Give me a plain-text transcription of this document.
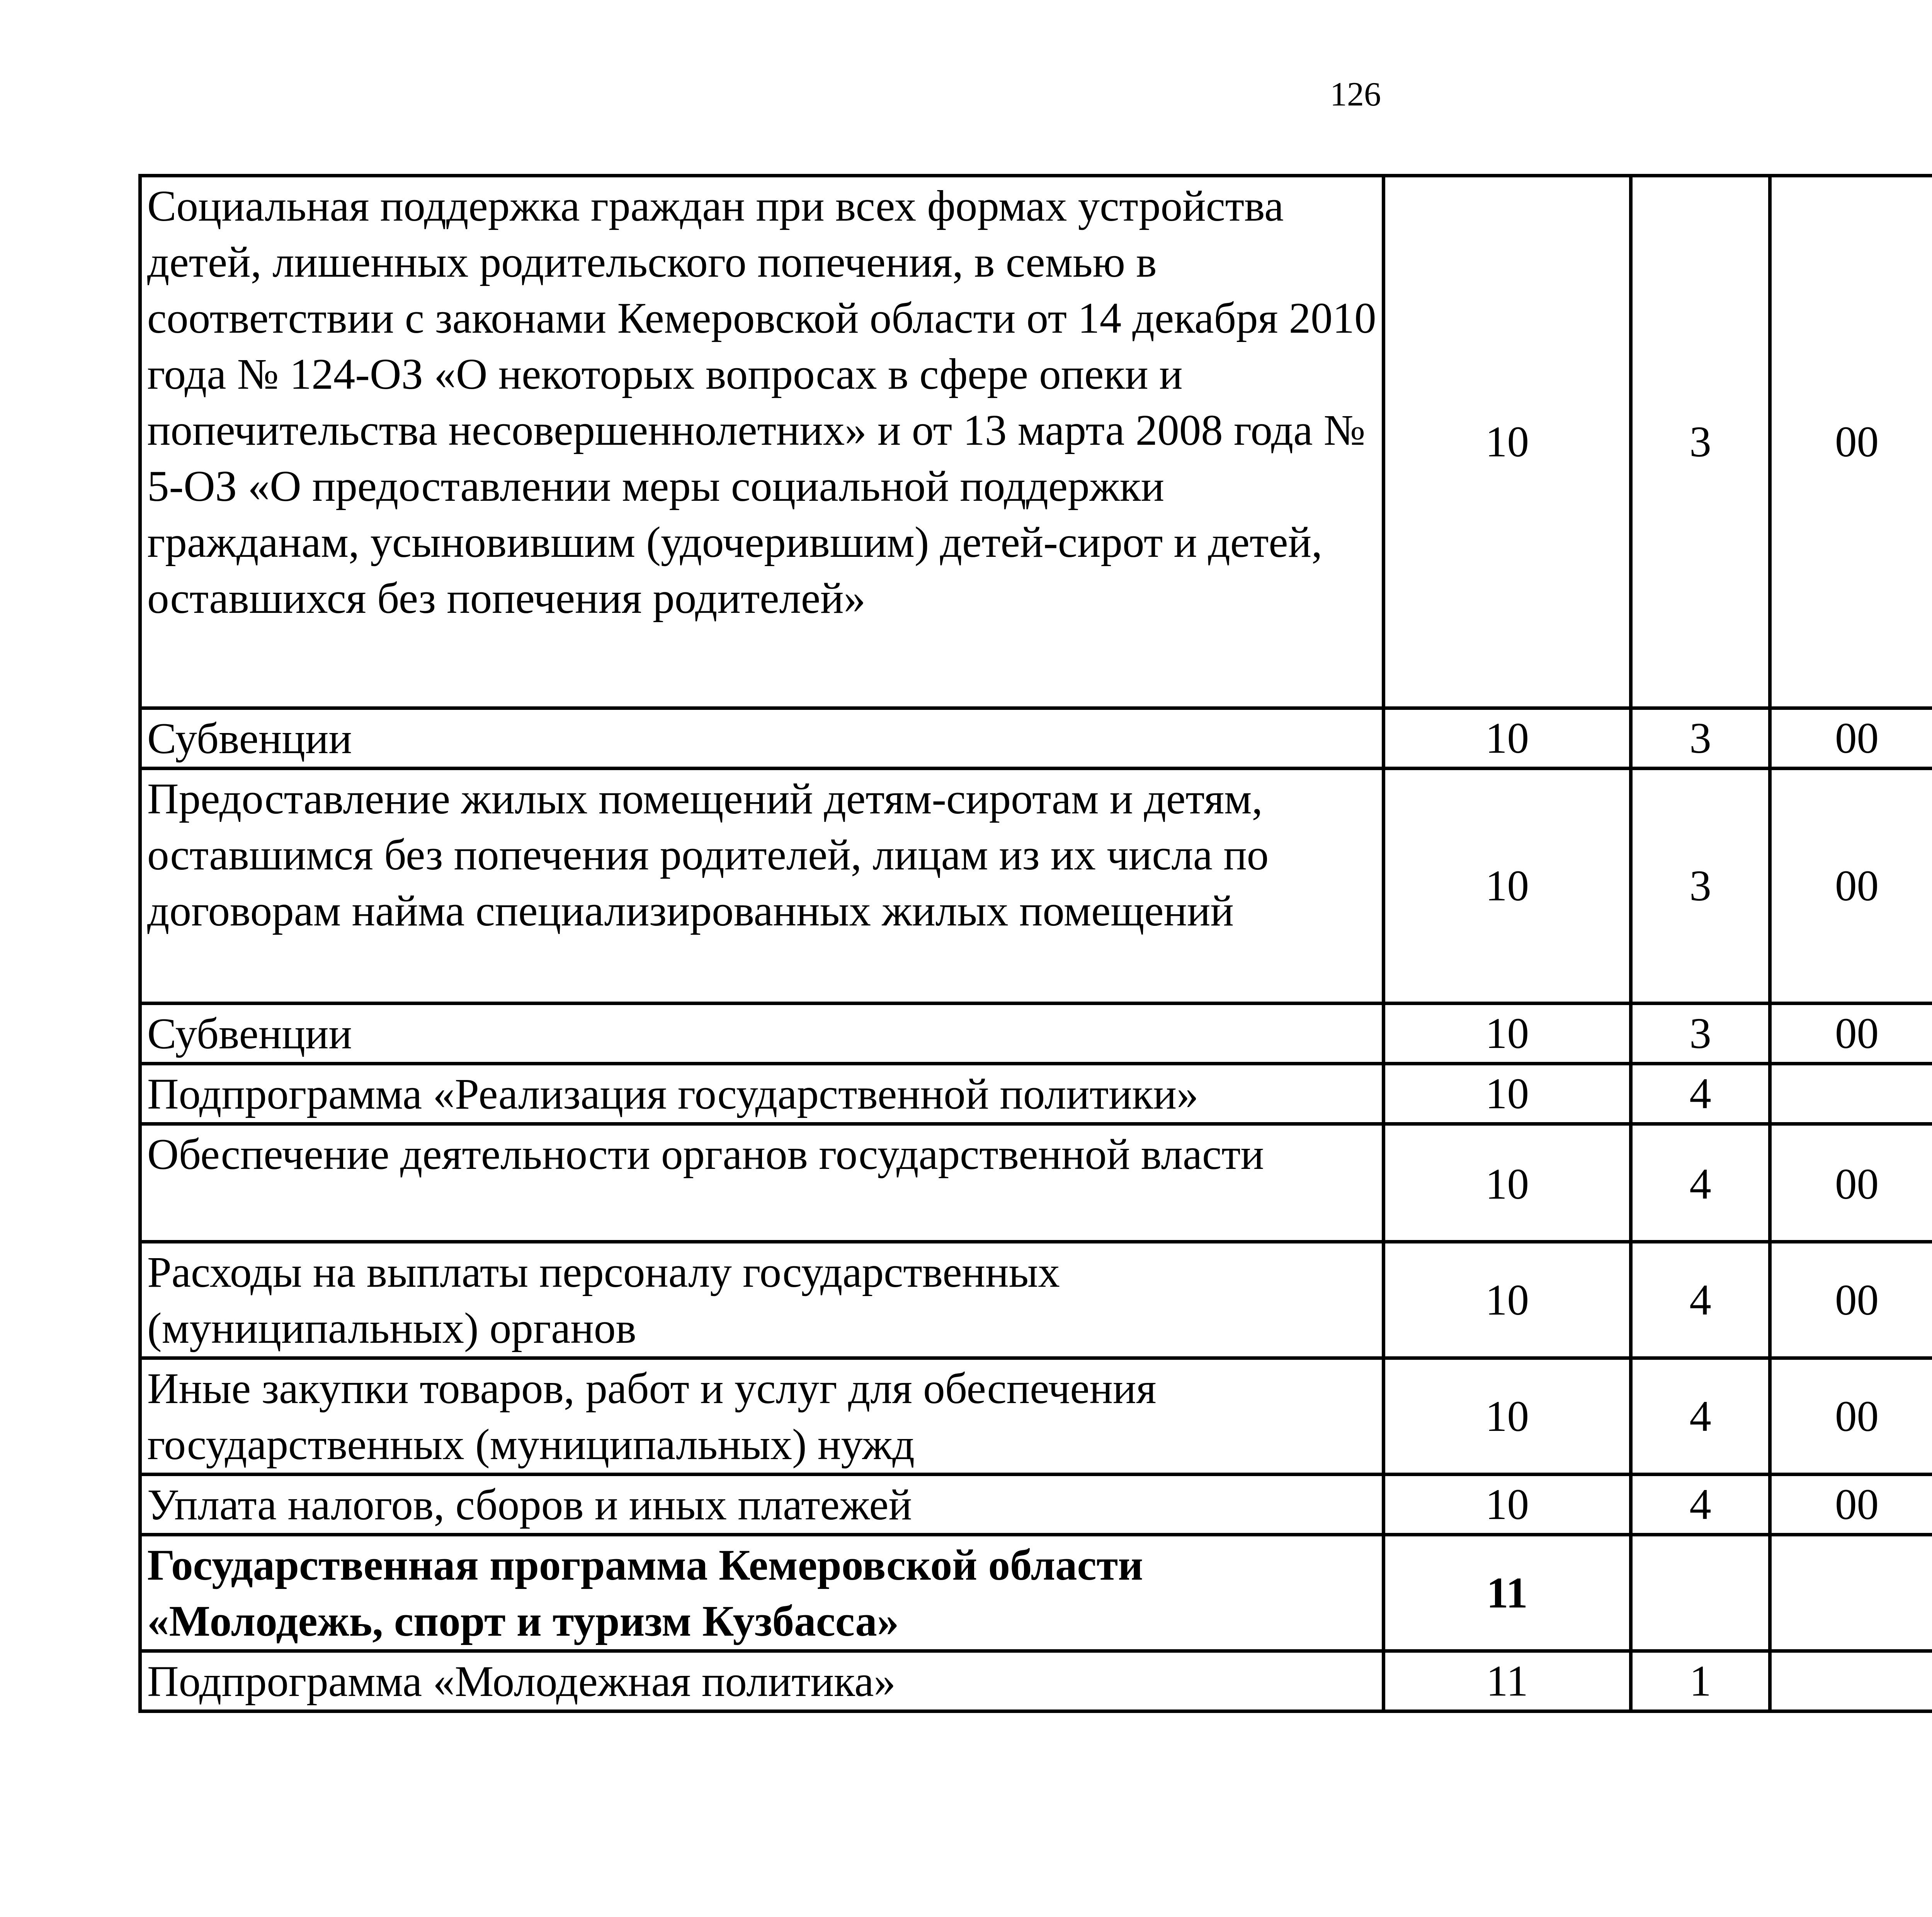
126
Социальная поддержка граждан при всех формах устройства детей, лишенных родительского попечения, в семью в соответствии с законами Кемеровской области от 14 декабря 2010 года № 124-ОЗ «О некоторых вопросах в сфере опеки и попечительства несовершеннолетних» и от 13 марта 2008 года № 5-ОЗ «О предоставлении меры социальной поддержки гражданам, усыновившим (удочерившим) детей-сирот и детей, оставшихся без попечения родителей»	10	3	00			
Субвенции	10	3	00			
Предоставление жилых помещений детям-сиротам и детям, оставшимся без попечения родителей, лицам из их числа по договорам найма специализированных жилых помещений	10	3	00			
Субвенции	10	3	00			
Подпрограмма «Реализация государственной политики»	10	4				
Обеспечение деятельности органов государственной власти	10	4	00			
Расходы на выплаты персоналу государственных (муниципальных) органов	10	4	00			
Иные закупки товаров, работ и услуг для обеспечения государственных (муниципальных) нужд	10	4	00			
Уплата налогов, сборов и иных платежей	10	4	00			
Государственная программа Кемеровской области «Молодежь, спорт и туризм Кузбасса»	11					
Подпрограмма «Молодежная политика»	11	1				
